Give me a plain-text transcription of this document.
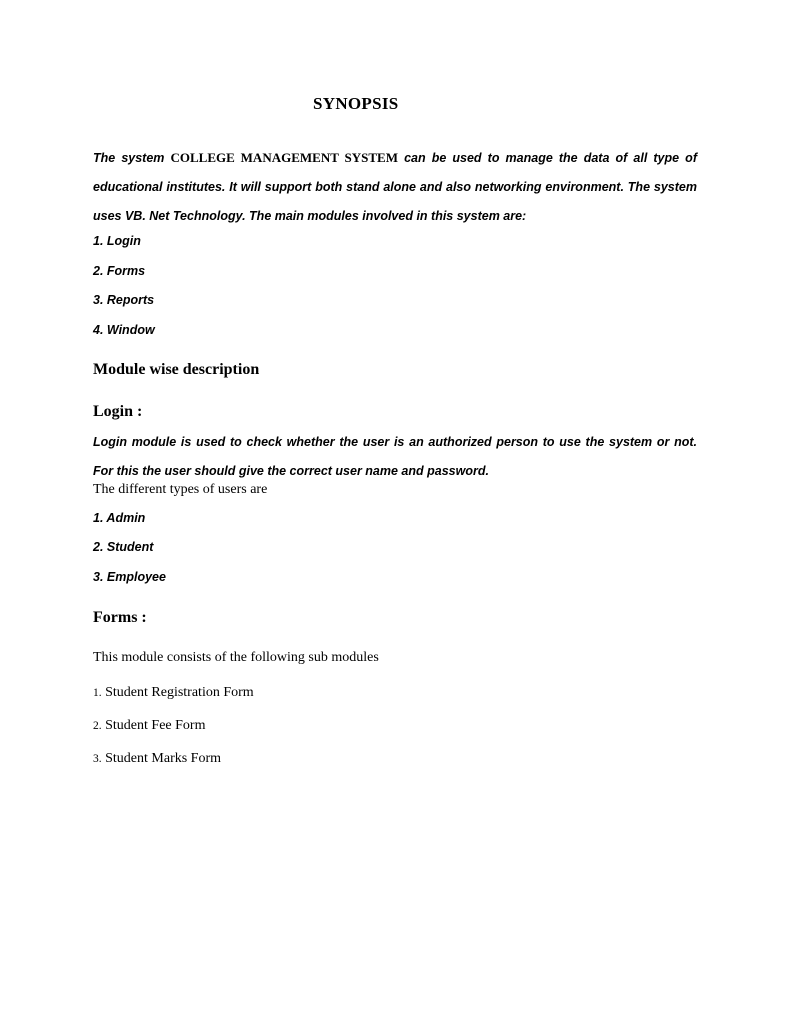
SYNOPSIS
The system COLLEGE MANAGEMENT SYSTEM can be used to manage the data of all type of educational institutes. It will support both stand alone and also networking environment. The system uses VB. Net Technology. The main modules involved in this system are:
1. Login
2. Forms
3. Reports
4. Window
Module wise description
Login :
Login module is used to check whether the user is an authorized person to use the system or not.
For this the user should give the correct user name and password.
The different types of users are
1. Admin
2. Student
3. Employee
Forms :
This module consists of the following sub modules
1. Student Registration Form
2. Student Fee Form
3. Student Marks Form
